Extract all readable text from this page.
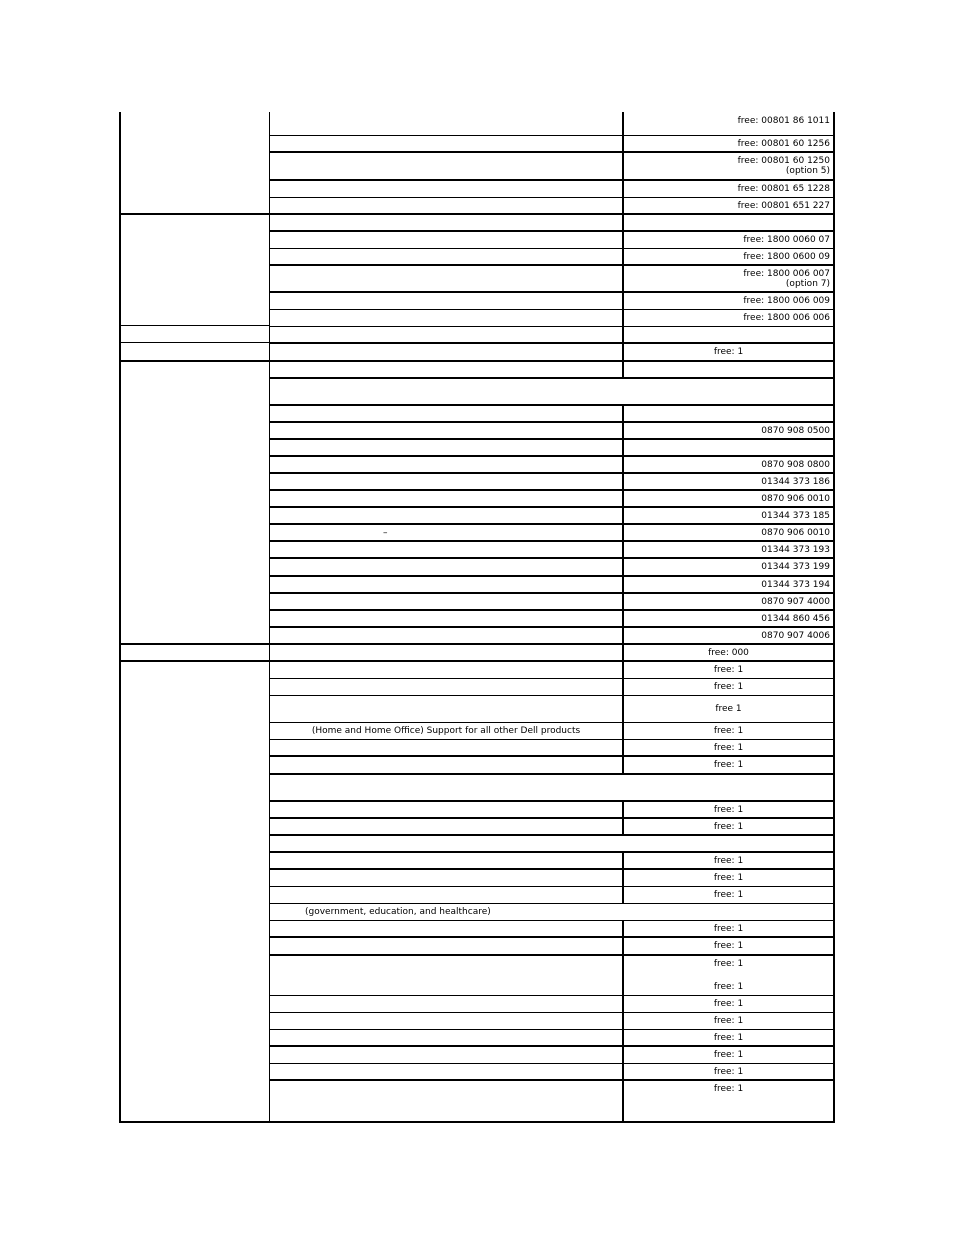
free: 00801 86 1011
free: 00801 60 1256
free: 00801 60 1250
(option 5)
free: 00801 65 1228
free: 00801 651 227
free: 1800 0060 07
free: 1800 0600 09
free: 1800 006 007
(option 7)
free: 1800 006 009
free: 1800 006 006
free: 1
0870 908 0500
0870 908 0800
01344 373 186
0870 906 0010
01344 373 185
–	0870 906 0010
01344 373 193
01344 373 199
01344 373 194
0870 907 4000
01344 860 456
0870 907 4006
free: 000
free: 1
free: 1
free 1
(Home and Home Office) Support for all other Dell products	free: 1
free: 1
free: 1
free: 1
free: 1
free: 1
free: 1
free: 1
(government, education, and healthcare)
free: 1
free: 1
free: 1
free: 1
free: 1
free: 1
free: 1
free: 1
free: 1
free: 1
